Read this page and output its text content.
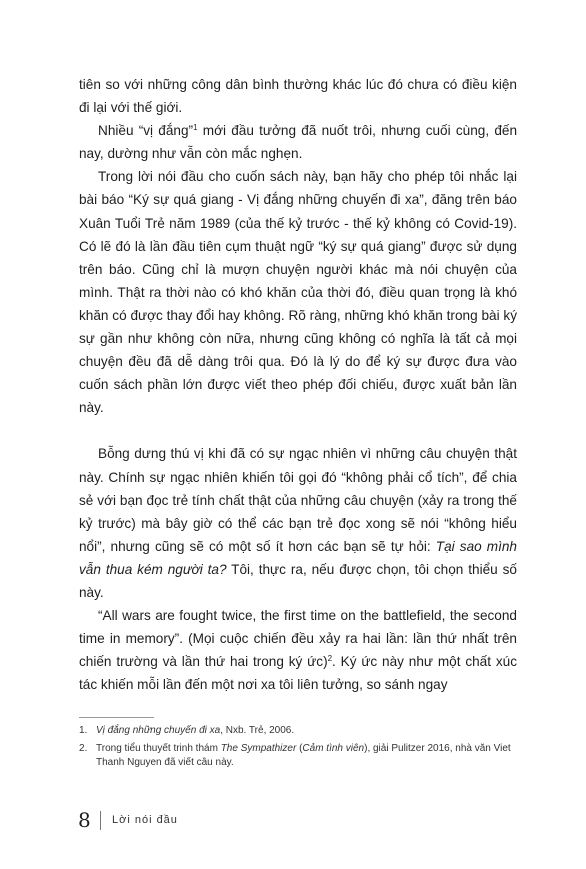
tiên so với những công dân bình thường khác lúc đó chưa có điều kiện đi lại với thế giới.

Nhiều “vị đắng”$^1$ mới đầu tưởng đã nuốt trôi, nhưng cuối cùng, đến nay, dường như vẫn còn mắc nghẹn.

Trong lời nói đầu cho cuốn sách này, bạn hãy cho phép tôi nhắc lại bài báo “Ký sự quá giang - Vị đắng những chuyến đi xa”, đăng trên báo Xuân Tuổi Trẻ năm 1989 (của thế kỷ trước - thế kỷ không có Covid-19). Có lẽ đó là lần đầu tiên cụm thuật ngữ “ký sự quá giang” được sử dụng trên báo. Cũng chỉ là mượn chuyện người khác mà nói chuyện của mình. Thật ra thời nào có khó khăn của thời đó, điều quan trọng là khó khăn có được thay đổi hay không. Rõ ràng, những khó khăn trong bài ký sự gần như không còn nữa, nhưng cũng không có nghĩa là tất cả mọi chuyện đều đã dễ dàng trôi qua. Đó là lý do để ký sự được đưa vào cuốn sách phần lớn được viết theo phép đối chiếu, được xuất bản lần này.

Bỗng dưng thú vị khi đã có sự ngạc nhiên vì những câu chuyện thật này. Chính sự ngạc nhiên khiến tôi gọi đó “không phải cổ tích”, để chia sẻ với bạn đọc trẻ tính chất thật của những câu chuyện (xảy ra trong thế kỷ trước) mà bây giờ có thể các bạn trẻ đọc xong sẽ nói “không hiểu nổi”, nhưng cũng sẽ có một số ít hơn các bạn sẽ tự hỏi: Tại sao mình vẫn thua kém người ta? Tôi, thực ra, nếu được chọn, tôi chọn thiểu số này.

“All wars are fought twice, the first time on the battlefield, the second time in memory”. (Mọi cuộc chiến đều xảy ra hai lần: lần thứ nhất trên chiến trường và lần thứ hai trong ký ức)$^2$. Ký ức này như một chất xúc tác khiến mỗi lần đến một nơi xa tôi liên tưởng, so sánh ngay

1. Vị đắng những chuyến đi xa, Nxb. Trẻ, 2006.
2. Trong tiểu thuyết trinh thám The Sympathizer (Cảm tình viên), giải Pulitzer 2016, nhà văn Viet Thanh Nguyen đã viết câu này.
8 Lời nói đầu
